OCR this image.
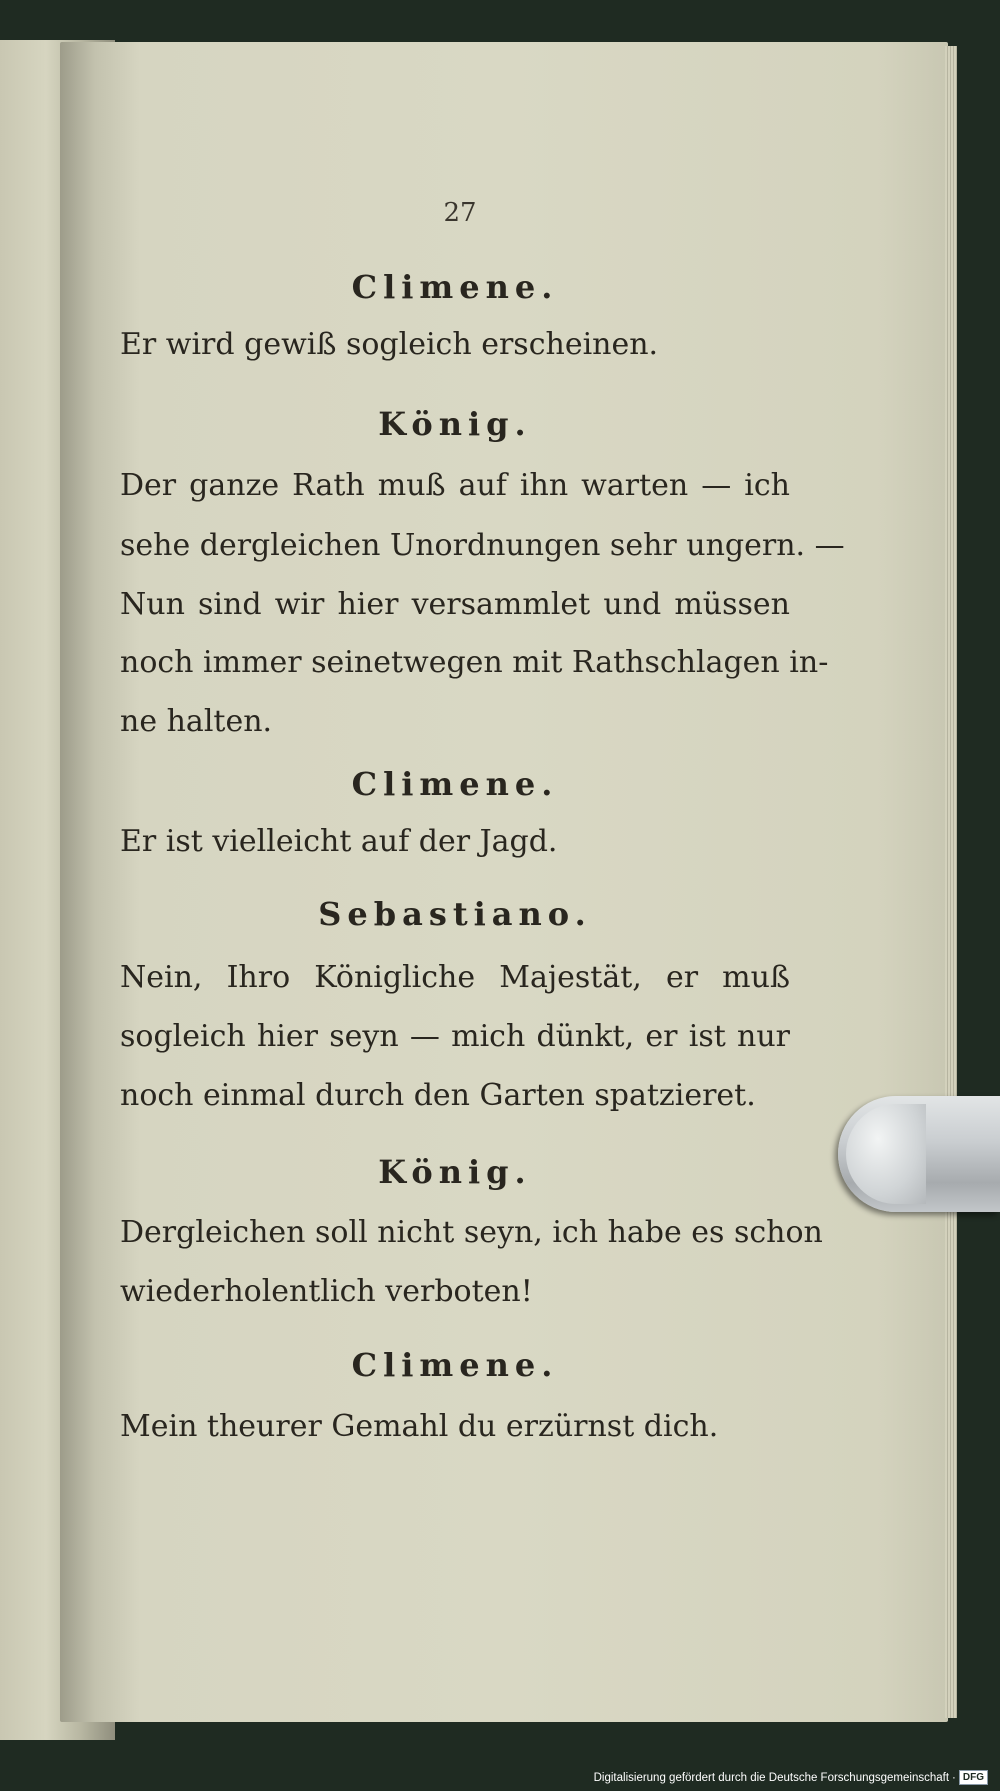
27
Climene.
Er wird gewiß sogleich erscheinen.
König.
Der ganze Rath muß auf ihn warten — ich
sehe dergleichen Unordnungen sehr ungern. —
Nun sind wir hier versammlet und müssen
noch immer seinetwegen mit Rathschlagen in-
ne halten.
Climene.
Er ist vielleicht auf der Jagd.
Sebastiano.
Nein, Ihro Königliche Majestät, er muß
sogleich hier seyn — mich dünkt, er ist nur
noch einmal durch den Garten spatzieret.
König.
Dergleichen soll nicht seyn, ich habe es schon
wiederholentlich verboten!
Climene.
Mein theurer Gemahl du erzürnst dich.
Digitalisierung gefördert durch die Deutsche Forschungsgemeinschaft · DFG
